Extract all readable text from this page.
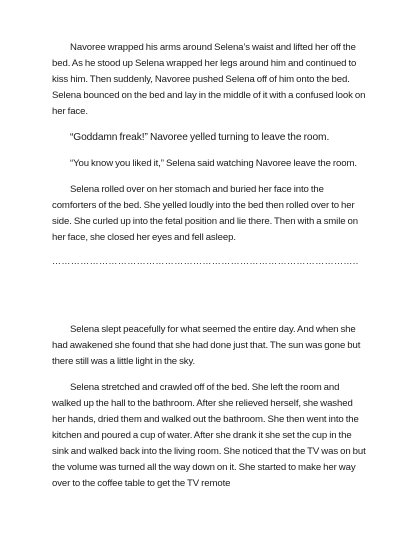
Navoree wrapped his arms around Selena’s waist and lifted her off the bed. As he stood up Selena wrapped her legs around him and continued to kiss him. Then suddenly, Navoree pushed Selena off of him onto the bed. Selena bounced on the bed and lay in the middle of it with a confused look on her face.

“Goddamn freak!” Navoree yelled turning to leave the room.

“You know you liked it,” Selena said watching Navoree leave the room.

Selena rolled over on her stomach and buried her face into the comforters of the bed. She yelled loudly into the bed then rolled over to her side. She curled up into the fetal position and lie there. Then with a smile on her face, she closed her eyes and fell asleep.

……………………………………………………………………………………..

Selena slept peacefully for what seemed the entire day. And when she had awakened she found that she had done just that. The sun was gone but there still was a little light in the sky.

Selena stretched and crawled off of the bed. She left the room and walked up the hall to the bathroom. After she relieved herself, she washed her hands, dried them and walked out the bathroom. She then went into the kitchen and poured a cup of water. After she drank it she set the cup in the sink and walked back into the living room. She noticed that the TV was on but the volume was turned all the way down on it. She started to make her way over to the coffee table to get the TV remote
